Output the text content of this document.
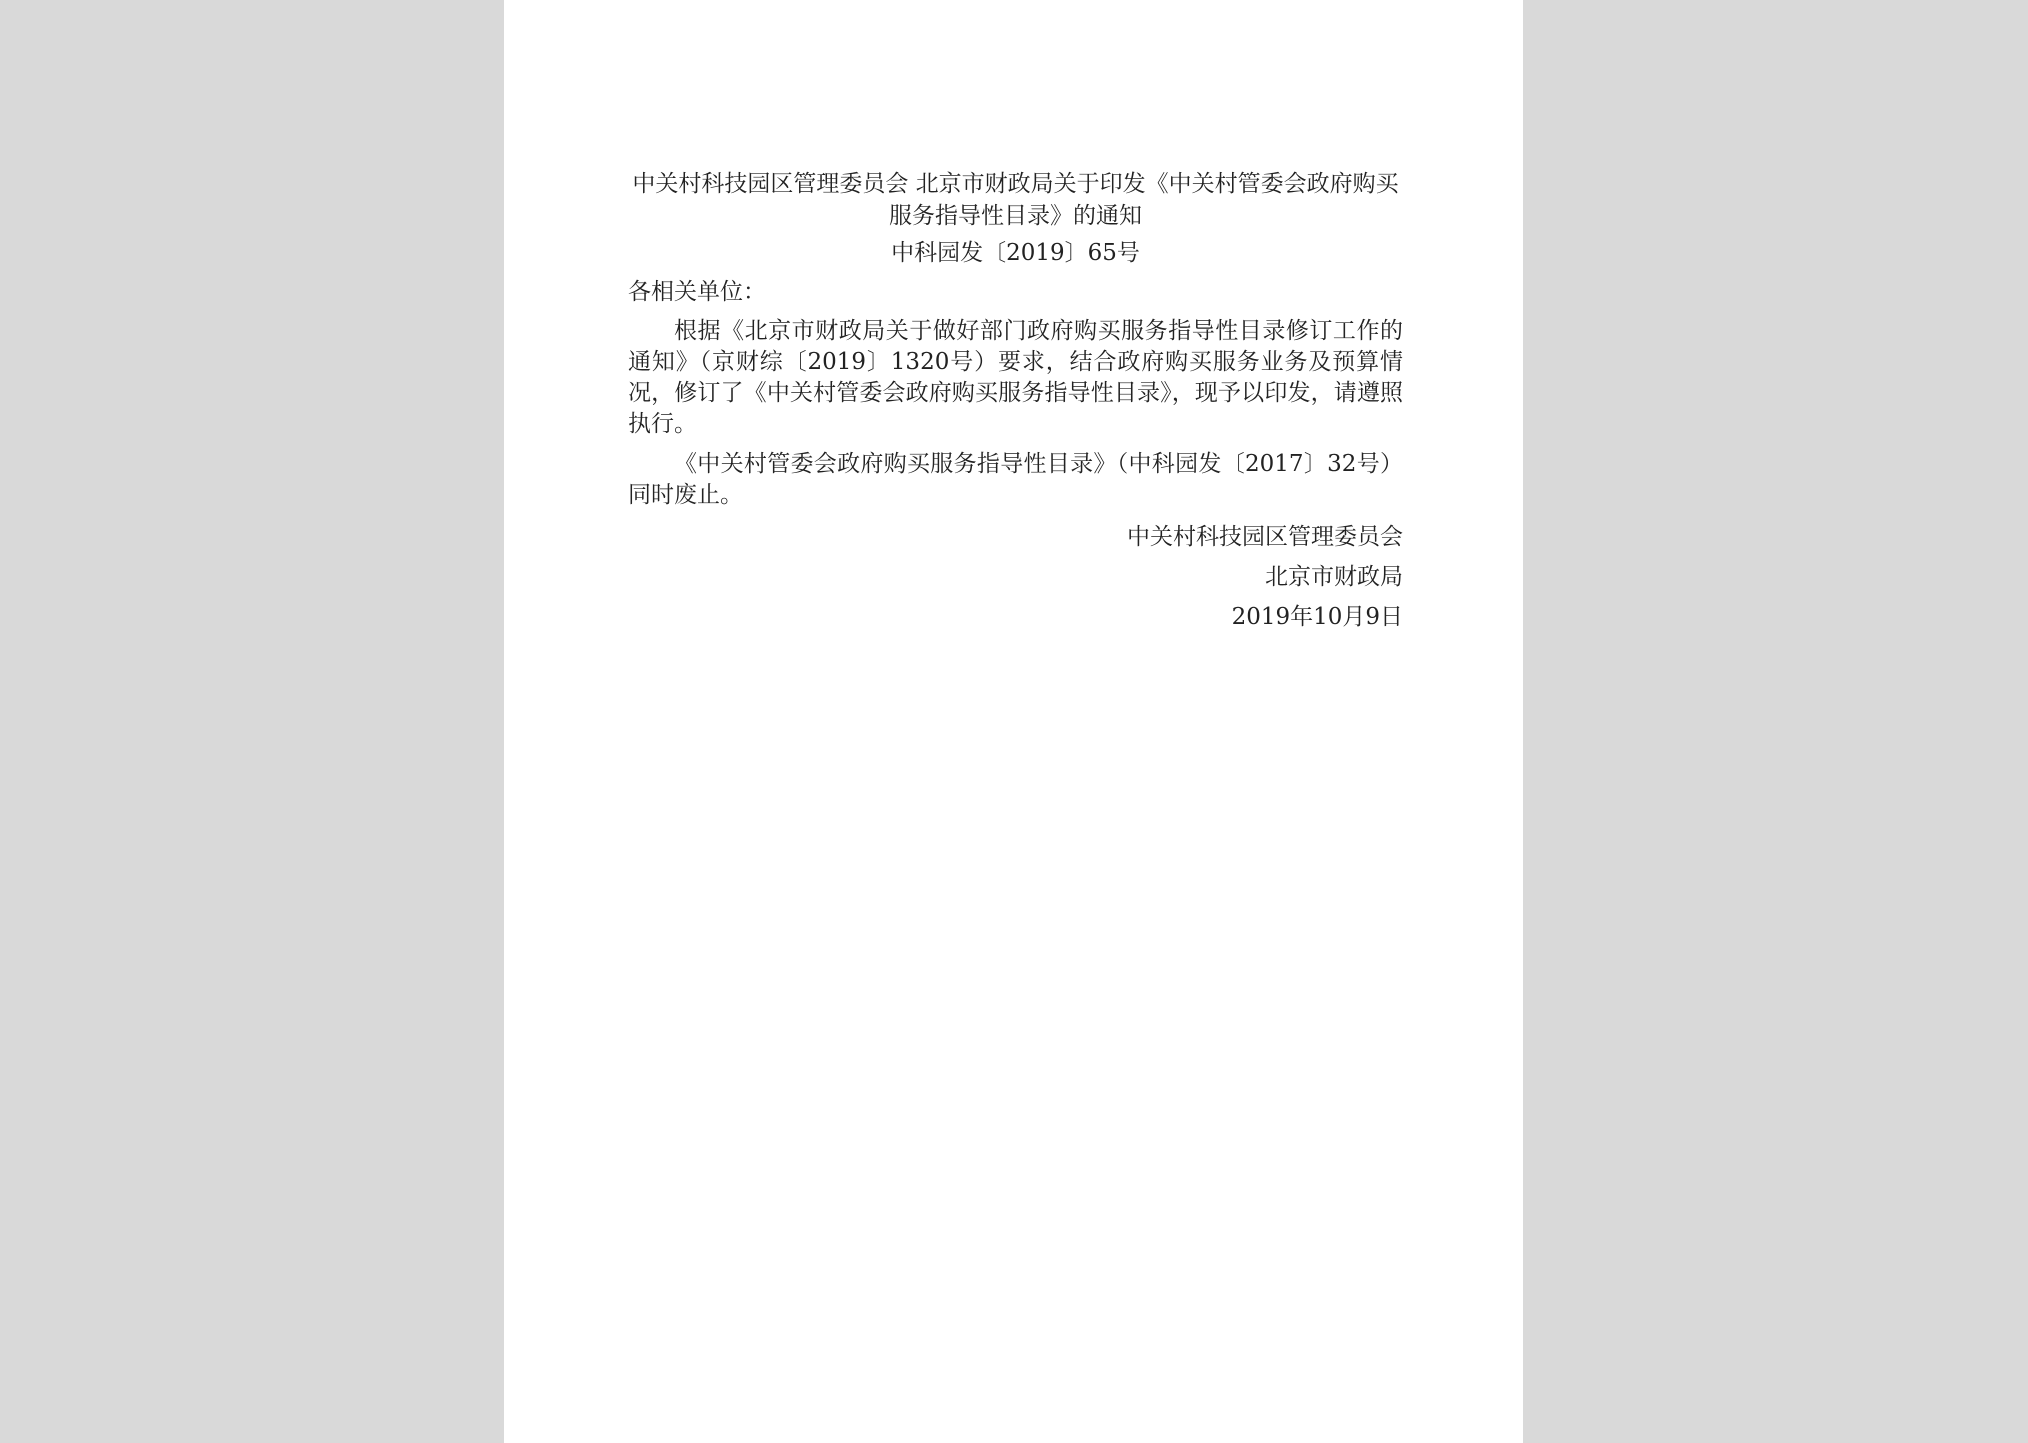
中关村科技园区管理委员会 北京市财政局关于印发《中关村管委会政府购买服务指导性目录》的通知

中科园发〔2019〕65号

各相关单位：

根据《北京市财政局关于做好部门政府购买服务指导性目录修订工作的通知》（京财综〔2019〕1320号）要求，结合政府购买服务业务及预算情况，修订了《中关村管委会政府购买服务指导性目录》，现予以印发，请遵照执行。

《中关村管委会政府购买服务指导性目录》（中科园发〔2017〕32号）同时废止。

中关村科技园区管理委员会

北京市财政局

2019年10月9日
